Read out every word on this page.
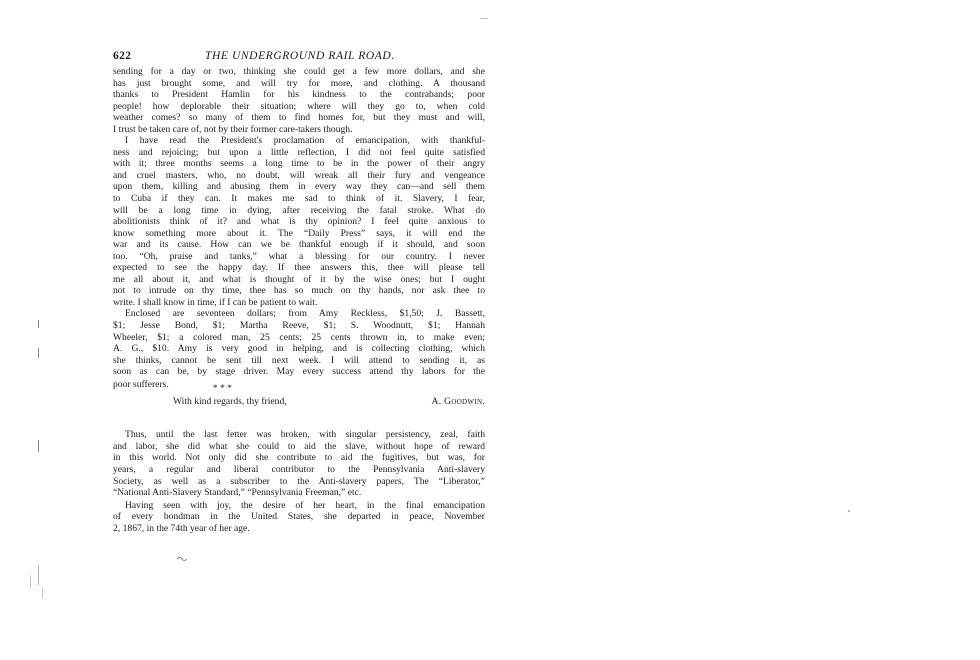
622	THE UNDERGROUND RAIL ROAD.
sending for a day or two, thinking she could get a few more dollars, and she
has just brought some, and will try for more, and clothing. A thousand
thanks to President Hamlin for his kindness to the contrabands; poor
people! how deplorable their situation; where will they go to, when cold
weather comes? so many of them to find homes for, but they must and will,
I trust be taken care of, not by their former care-takers though.
I have read the President's proclamation of emancipation, with thankful-
ness and rejoicing; but upon a little reflection, I did not feel quite satisfied
with it; three months seems a long time to be in the power of their angry
and cruel masters, who, no doubt, will wreak all their fury and vengeance
upon them, killing and abusing them in every way they can—and sell them
to Cuba if they can. It makes me sad to think of it. Slavery, I fear,
will be a long time in dying, after receiving the fatal stroke. What do
abolitionists think of it? and what is thy opinion? I feel quite anxious to
know something more about it. The “Daily Press” says, it will end the
war and its cause. How can we be thankful enough if it should, and soon
too. “Oh, praise and tanks,” what a blessing for our country. I never
expected to see the happy day. If thee answers this, thee will please tell
me all about it, and what is thought of it by the wise ones; but I ought
not to intrude on thy time, thee has so much on thy hands, nor ask thee to
write. I shall know in time, if I can be patient to wait.
Enclosed are seventeen dollars; from Amy Reckless, $1,50; J. Bassett,
$1; Jesse Bond, $1; Martha Reeve, $1; S. Woodnutt, $1; Hannah
Wheeler, $1; a colored man, 25 cents; 25 cents thrown in, to make even;
A. G., $10. Amy is very good in helping, and is collecting clothing, which
she thinks, cannot be sent till next week. I will attend to sending it, as
soon as can be, by stage driver. May every success attend thy labors for the
poor sufferers.	* * *
With kind regards, thy friend,	A. Goodwin.
Thus, until the last fetter was broken, with singular persistency, zeal, faith
and labor, she did what she could to aid the slave, without hope of reward
in this world. Not only did she contribute to aid the fugitives, but was, for
years, a regular and liberal contributor to the Pennsylvania Anti-slavery
Society, as well as a subscriber to the Anti-slavery papers, The “Liberator,”
“National Anti-Slavery Standard,” “Pennsylvania Freeman,” etc.
Having seen with joy, the desire of her heart, in the final emancipation
of every bondman in the United States, she departed in peace, November
2, 1867, in the 74th year of her age.
